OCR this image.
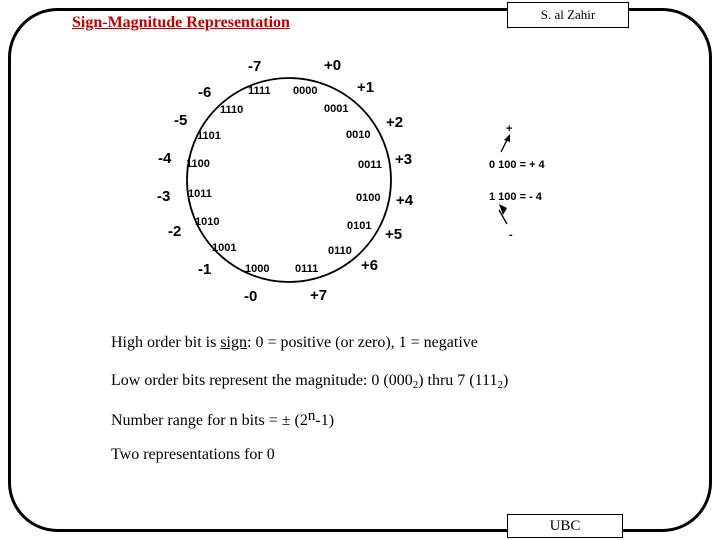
Sign-Magnitude Representation	S. al Zahir
UBC
+0
+1
+2
+3
+4
+5
+6
+7
-0
-1
-2
-3
-4
-5
-6
-7
0000
0001
0010
0011
0100
0101
0110
0111
1000
1001
1010
1011
1100
1101
1110
1111
+
0 100 = + 4
1 100 = - 4
-
High order bit is sign: 0 = positive (or zero), 1 = negative
Low order bits represent the magnitude: 0 $(000_2)$ thru 7 $(111_2)$
Number range for n bits = ± $(2^n-1)$
Two representations for 0
